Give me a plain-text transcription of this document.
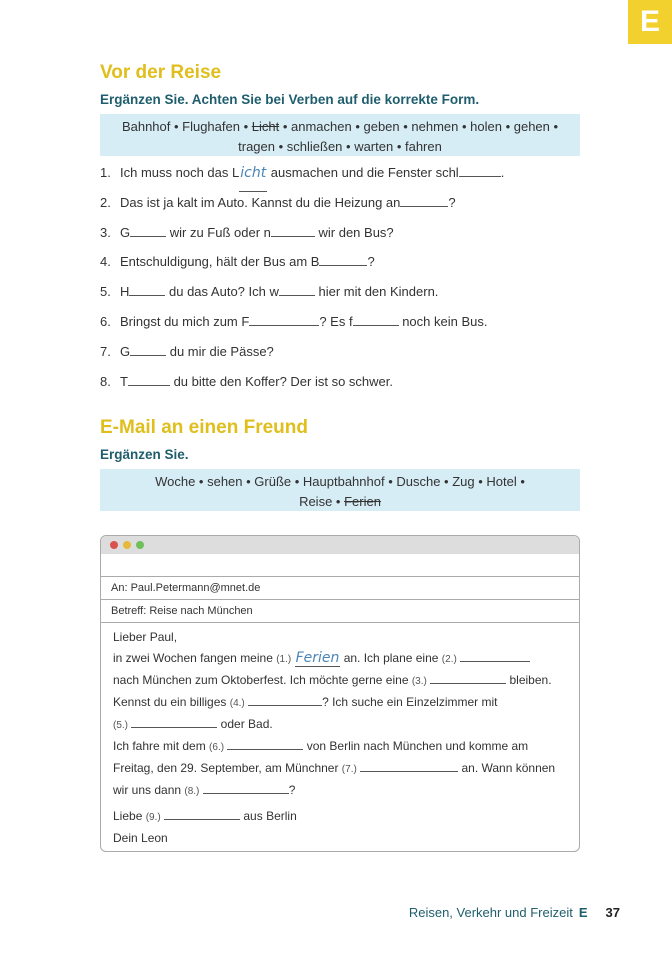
E
Vor der Reise
Ergänzen Sie. Achten Sie bei Verben auf die korrekte Form.
Bahnhof • Flughafen • Licht • anmachen • geben • nehmen • holen • gehen •
tragen • schließen • warten • fahren
1. Ich muss noch das L icht ausmachen und die Fenster schl	.
2. Das ist ja kalt im Auto. Kannst du die Heizung an	?
3. G	wir zu Fuß oder n	wir den Bus?
4. Entschuldigung, hält der Bus am B	?
5. H	du das Auto? Ich w	hier mit den Kindern.
6. Bringst du mich zum F	? Es f	noch kein Bus.
7. G	du mir die Pässe?
8. T	du bitte den Koffer? Der ist so schwer.
E-Mail an einen Freund
Ergänzen Sie.
Woche • sehen • Grüße • Hauptbahnhof • Dusche • Zug • Hotel •
Reise • Ferien
An: Paul.Petermann@mnet.de
Betreff: Reise nach München
Lieber Paul,
in zwei Wochen fangen meine (1.) Ferien an. Ich plane eine (2.)
nach München zum Oktoberfest. Ich möchte gerne eine (3.)	bleiben.
Kennst du ein billiges (4.)	? Ich suche ein Einzelzimmer mit
(5.)	oder Bad.
Ich fahre mit dem (6.)	von Berlin nach München und komme am
Freitag, den 29. September, am Münchner (7.)	an. Wann können
wir uns dann (8.)	?
Liebe (9.)	aus Berlin
Dein Leon
Reisen, Verkehr und Freizeit E 37
